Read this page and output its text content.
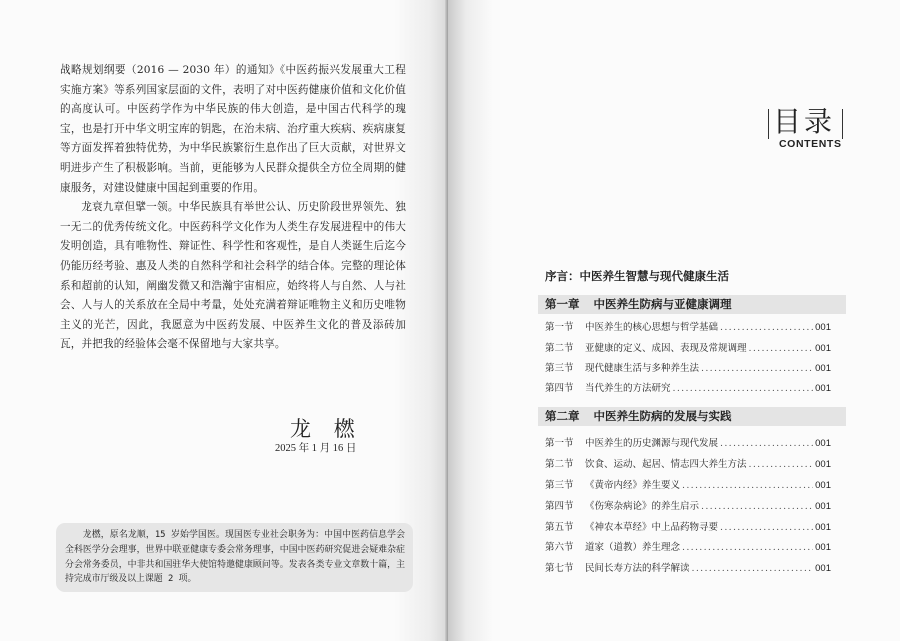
战略规划纲要（2016 — 2030 年）的通知》《中医药振兴发展重大工程实施方案》等系列国家层面的文件，表明了对中医药健康价值和文化价值的高度认可。中医药学作为中华民族的伟大创造，是中国古代科学的瑰宝，也是打开中华文明宝库的钥匙，在治未病、治疗重大疾病、疾病康复等方面发挥着独特优势，为中华民族繁衍生息作出了巨大贡献，对世界文明进步产生了积极影响。当前，更能够为人民群众提供全方位全周期的健康服务，对建设健康中国起到重要的作用。

龙衰九章但擘一领。中华民族具有举世公认、历史阶段世界领先、独一无二的优秀传统文化。中医药科学文化作为人类生存发展进程中的伟大发明创造，具有唯物性、辩证性、科学性和客观性，是自人类诞生后迄今仍能历经考验、惠及人类的自然科学和社会科学的结合体。完整的理论体系和超前的认知，阐幽发微又和浩瀚宇宙相应，始终将人与自然、人与社会、人与人的关系放在全局中考量，处处充满着辩证唯物主义和历史唯物主义的光芒，因此，我愿意为中医药发展、中医养生文化的普及添砖加瓦，并把我的经验体会毫不保留地与大家共享。

龙 橪
2025 年 1 月 16 日

龙橪，原名龙顺，15 岁始学国医。现国医专业社会职务为：中国中医药信息学会全科医学分会理事，世界中联亚健康专委会常务理事，中国中医药研究促进会疑难杂症分会常务委员，中非共和国驻华大使馆特邀健康顾问等。发表各类专业文章数十篇，主持完成市厅级及以上课题 2 项。

目录
CONTENTS
序言：中医养生智慧与现代健康生活
第一章 中医养生防病与亚健康调理
第一节	中医养生的核心思想与哲学基础 .....	001
第二节	亚健康的定义、成因、表现及常规调理 .....	001
第三节	现代健康生活与多种养生法 .....	001
第四节	当代养生的方法研究 .....	001
第二章 中医养生防病的发展与实践
第一节	中医养生的历史渊源与现代发展 .....	001
第二节	饮食、运动、起居、情志四大养生方法 .....	001
第三节	《黄帝内经》养生要义 .....	001
第四节	《伤寒杂病论》的养生启示 .....	001
第五节	《神农本草经》中上品药物寻要 .....	001
第六节	道家（道教）养生理念 .....	001
第七节	民间长寿方法的科学解读 .....	001
